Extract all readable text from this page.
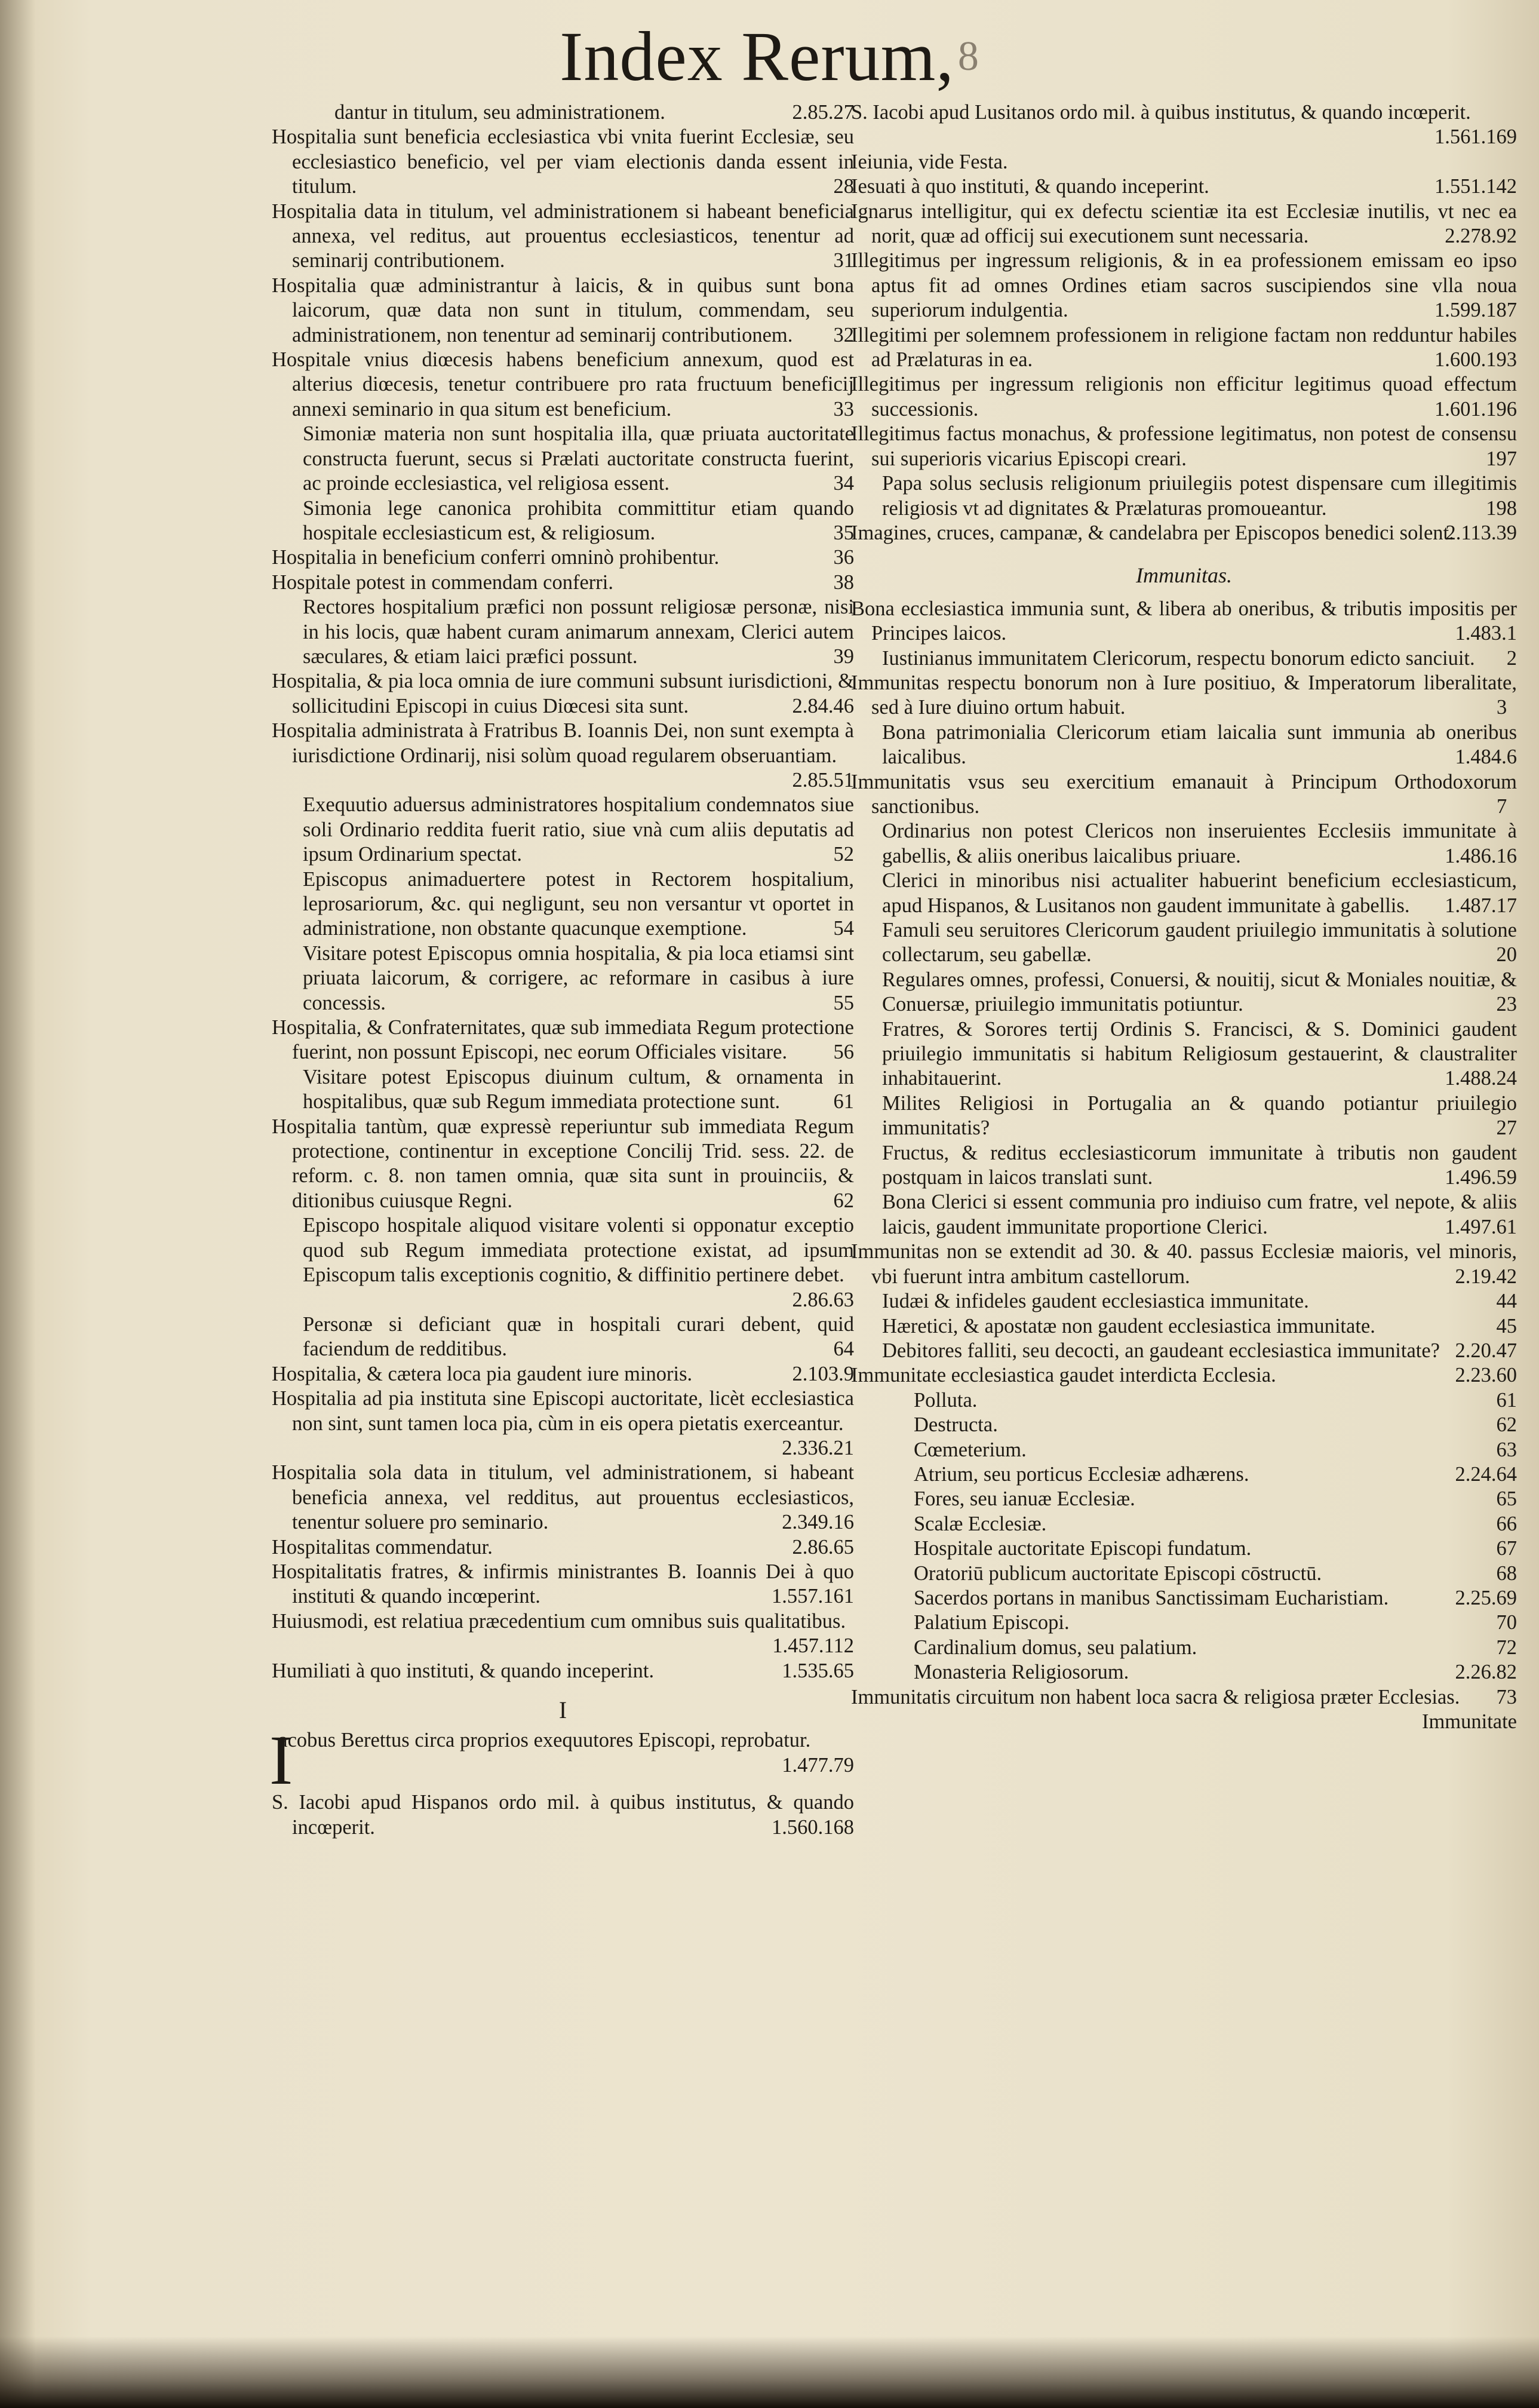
Index Rerum,$^8$

dantur in titulum, seu administrationem.	2.85.27

Hospitalia sunt beneficia ecclesiastica vbi vnita fuerint Ecclesiæ, seu ecclesiastico beneficio, vel per viam electionis danda essent in titulum.	28

Hospitalia data in titulum, vel administrationem si habeant beneficia annexa, vel reditus, aut prouentus ecclesiasticos, tenentur ad seminarij contributionem.	31

Hospitalia quæ administrantur à laicis, & in quibus sunt bona laicorum, quæ data non sunt in titulum, commendam, seu administrationem, non tenentur ad seminarij contributionem. 32

Hospitale vnius diœcesis habens beneficium annexum, quod est alterius diœcesis, tenetur contribuere pro rata fructuum beneficij annexi seminario in qua situm est beneficium.	33

Simoniæ materia non sunt hospitalia illa, quæ priuata auctoritate constructa fuerunt, secus si Prælati auctoritate constructa fuerint, ac proinde ecclesiastica, vel religiosa essent.	34

Simonia lege canonica prohibita committitur etiam quando hospitale ecclesiasticum est, & religiosum.	35

Hospitalia in beneficium conferri omninò prohibentur.	36

Hospitale potest in commendam conferri.	38

Rectores hospitalium præfici non possunt religiosæ personæ, nisi in his locis, quæ habent curam animarum annexam, Clerici autem sæculares, & etiam laici præfici possunt.	39

Hospitalia, & pia loca omnia de iure communi subsunt iurisdictioni, & sollicitudini Episcopi in cuius Diœcesi sita sunt.	2.84.46

Hospitalia administrata à Fratribus B. Ioannis Dei, non sunt exempta à iurisdictione Ordinarij, nisi solùm quoad regularem obseruantiam.
2.85.51

Exequutio aduersus administratores hospitalium condemnatos siue soli Ordinario reddita fuerit ratio, siue vnà cum aliis deputatis ad ipsum Ordinarium spectat.	52

Episcopus animaduertere potest in Rectorem hospitalium, leprosariorum, &c. qui negligunt, seu non versantur vt oportet in administratione, non obstante quacunque exemptione.	54

Visitare potest Episcopus omnia hospitalia, & pia loca etiamsi sint priuata laicorum, & corrigere, ac reformare in casibus à iure concessis.	55

Hospitalia, & Confraternitates, quæ sub immediata Regum protectione fuerint, non possunt Episcopi, nec eorum Officiales visitare. 56

Visitare potest Episcopus diuinum cultum, & ornamenta in hospitalibus, quæ sub Regum immediata protectione sunt.	61

Hospitalia tantùm, quæ expressè reperiuntur sub immediata Regum protectione, continentur in exceptione Concilij Trid. sess. 22. de reform. c. 8. non tamen omnia, quæ sita sunt in prouinciis, & ditionibus cuiusque Regni.	62

Episcopo hospitale aliquod visitare volenti si opponatur exceptio quod sub Regum immediata protectione existat, ad ipsum Episcopum talis exceptionis cognitio, & diffinitio pertinere debet.
2.86.63

Personæ si deficiant quæ in hospitali curari debent, quid faciendum de redditibus.	64

Hospitalia, & cætera loca pia gaudent iure minoris.	2.103.9

Hospitalia ad pia instituta sine Episcopi auctoritate, licèt ecclesiastica non sint, sunt tamen loca pia, cùm in eis opera pietatis exerceantur.
2.336.21

Hospitalia sola data in titulum, vel administrationem, si habeant beneficia annexa, vel redditus, aut prouentus ecclesiasticos, tenentur soluere pro seminario.	2.349.16

Hospitalitas commendatur.	2.86.65

Hospitalitatis fratres, & infirmis ministrantes B. Ioannis Dei à quo instituti & quando incœperint.	1.557.161

Huiusmodi, est relatiua præcedentium cum omnibus suis qualitatibus.
1.457.112

Humiliati à quo instituti, & quando inceperint.	1.535.65

I

I
acobus Berettus circa proprios exequutores Episcopi, reprobatur.
1.477.79

S. Iacobi apud Hispanos ordo mil. à quibus institutus, & quando incœperit.	1.560.168

S. Iacobi apud Lusitanos ordo mil. à quibus institutus, & quando incœperit.
1.561.169

Ieiunia, vide Festa.

Iesuati à quo instituti, & quando inceperint.	1.551.142

Ignarus intelligitur, qui ex defectu scientiæ ita est Ecclesiæ inutilis, vt nec ea norit, quæ ad officij sui executionem sunt necessaria.	2.278.92

Illegitimus per ingressum religionis, & in ea professionem emissam eo ipso aptus fit ad omnes Ordines etiam sacros suscipiendos sine vlla noua superiorum indulgentia.	1.599.187

Illegitimi per solemnem professionem in religione factam non redduntur habiles ad Prælaturas in ea.	1.600.193

Illegitimus per ingressum religionis non efficitur legitimus quoad effectum successionis.	1.601.196

Illegitimus factus monachus, & professione legitimatus, non potest de consensu sui superioris vicarius Episcopi creari.	197

Papa solus seclusis religionum priuilegiis potest dispensare cum illegitimis religiosis vt ad dignitates & Prælaturas promoueantur.	198

Imagines, cruces, campanæ, & candelabra per Episcopos benedici solent.
2.113.39

Immunitas.

Bona ecclesiastica immunia sunt, & libera ab oneribus, & tributis impositis per Principes laicos.	1.483.1

Iustinianus immunitatem Clericorum, respectu bonorum edicto sanciuit. 2

Immunitas respectu bonorum non à Iure positiuo, & Imperatorum liberalitate, sed à Iure diuino ortum habuit.	3

Bona patrimonialia Clericorum etiam laicalia sunt immunia ab oneribus laicalibus.	1.484.6

Immunitatis vsus seu exercitium emanauit à Principum Orthodoxorum sanctionibus.	7

Ordinarius non potest Clericos non inseruientes Ecclesiis immunitate à gabellis, & aliis oneribus laicalibus priuare.	1.486.16

Clerici in minoribus nisi actualiter habuerint beneficium ecclesiasticum, apud Hispanos, & Lusitanos non gaudent immunitate à gabellis. 1.487.17

Famuli seu seruitores Clericorum gaudent priuilegio immunitatis à solutione collectarum, seu gabellæ.	20

Regulares omnes, professi, Conuersi, & nouitij, sicut & Moniales nouitiæ, & Conuersæ, priuilegio immunitatis potiuntur.	23

Fratres, & Sorores tertij Ordinis S. Francisci, & S. Dominici gaudent priuilegio immunitatis si habitum Religiosum gestauerint, & claustraliter inhabitauerint.	1.488.24

Milites Religiosi in Portugalia an & quando potiantur priuilegio immunitatis?	27

Fructus, & reditus ecclesiasticorum immunitate à tributis non gaudent postquam in laicos translati sunt.	1.496.59

Bona Clerici si essent communia pro indiuiso cum fratre, vel nepote, & aliis laicis, gaudent immunitate proportione Clerici.	1.497.61

Immunitas non se extendit ad 30. & 40. passus Ecclesiæ maioris, vel minoris, vbi fuerunt intra ambitum castellorum.	2.19.42

Iudæi & infideles gaudent ecclesiastica immunitate.	44

Hæretici, & apostatæ non gaudent ecclesiastica immunitate.	45

Debitores falliti, seu decocti, an gaudeant ecclesiastica immunitate? 2.20.47

Immunitate ecclesiastica gaudet interdicta Ecclesia.	2.23.60

Polluta.	61

Destructa.	62

Cœmeterium.	63

Atrium, seu porticus Ecclesiæ adhærens.	2.24.64

Fores, seu ianuæ Ecclesiæ.	65

Scalæ Ecclesiæ.	66

Hospitale auctoritate Episcopi fundatum.	67

Oratoriū publicum auctoritate Episcopi cōstructū.	68

Sacerdos portans in manibus Sanctissimam Eucharistiam.	2.25.69

Palatium Episcopi.	70

Cardinalium domus, seu palatium.	72

Monasteria Religiosorum.	2.26.82

Immunitatis circuitum non habent loca sacra & religiosa præter Ecclesias. 73

Immunitate
